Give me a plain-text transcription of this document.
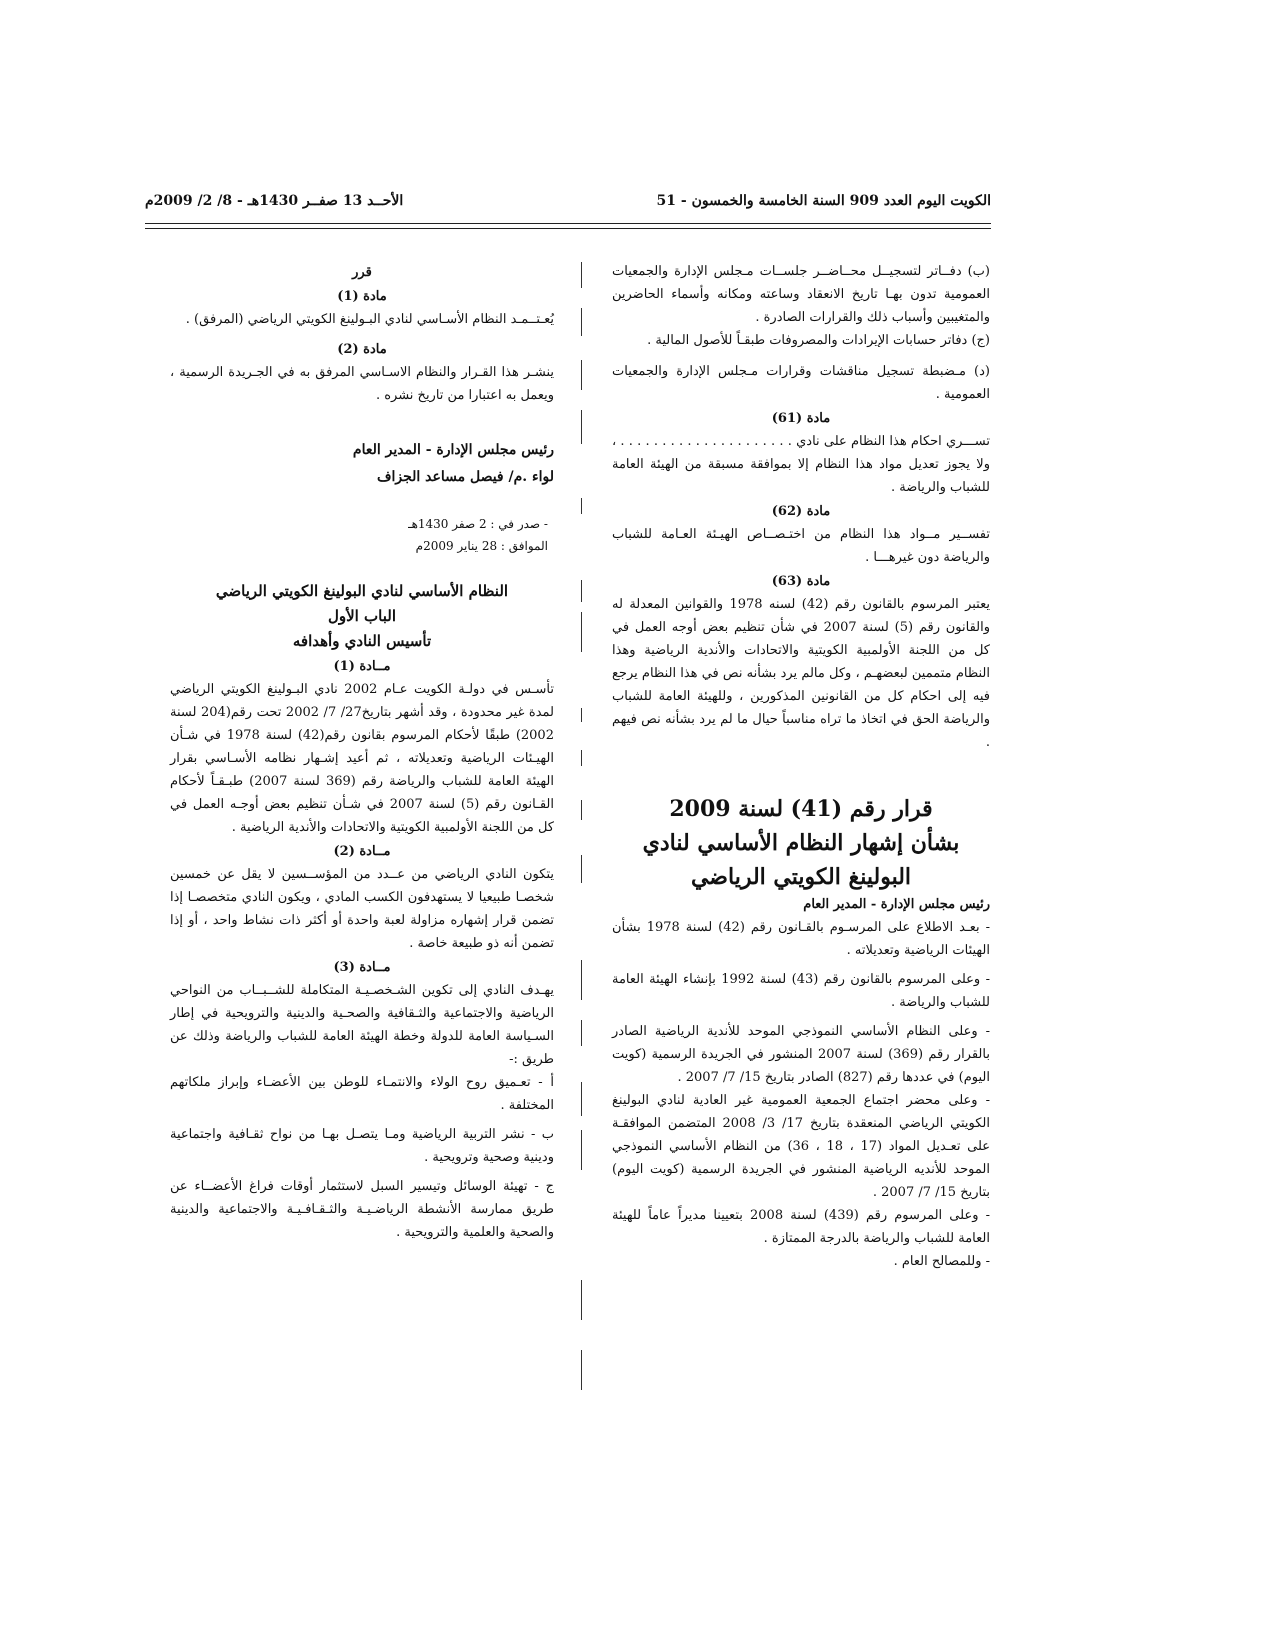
الكويت اليوم العدد 909 السنة الخامسة والخمسون - 51
الأحــد 13 صفــر 1430هـ - 8/ 2/ 2009م

(ب) دفــاتر لتسجيــل محــاضــر جلســات مـجلس الإدارة والجمعيات العمومية تدون بهـا تاريخ الانعقاد وساعته ومكانه وأسماء الحاضرين والمتغيبين وأسباب ذلك والقرارات الصادرة .

(ج) دفاتر حسابات الإيرادات والمصروفات طبقـاً للأصول المالية .

(د) مـضبطة تسجيل مناقشات وقرارات مـجلس الإدارة والجمعيات العمومية .

مادة (61)

تســـري احكام هذا النظام على نادي . . . . . . . . . . . . . . . . . . . . . ، ولا يجوز تعديل مواد هذا النظام إلا بموافقة مسبقة من الهيئة العامة للشباب والرياضة .

مادة (62)

تفســير مــواد هذا النظام من اختـصــاص الهيـئة العـامة للشباب والرياضة دون غيرهـــا .

مادة (63)

يعتبر المرسوم بالقانون رقم (42) لسنه 1978 والقوانين المعدلة له والقانون رقم (5) لسنة 2007 في شأن تنظيم بعض أوجه العمل في كل من اللجنة الأولمبية الكويتية والاتحادات والأندية الرياضية وهذا النظام متممين لبعضهـم ، وكل مالم يرد بشأنه نص في هذا النظام يرجع فيه إلى احكام كل من القانونين المذكورين ، وللهيئة العامة للشباب والرياضة الحق في اتخاذ ما تراه مناسباً حيال ما لم يرد بشأنه نص فيهم .

قرار رقم (41) لسنة 2009

بشأن إشهار النظام الأساسي لنادي

البولينغ الكويتي الرياضي

رئيس مجلس الإدارة - المدير العام

- بعـد الاطلاع على المرسـوم بالقـانون رقم (42) لسنة 1978 بشأن الهيئات الرياضية وتعديلاته .

- وعلى المرسوم بالقانون رقم (43) لسنة 1992 بإنشاء الهيئة العامة للشباب والرياضة .

- وعلى النظام الأساسي النموذجي الموحد للأندية الرياضية الصادر بالقرار رقم (369) لسنة 2007 المنشور في الجريدة الرسمية (كويت اليوم) في عددها رقم (827) الصادر بتاريخ 15/ 7/ 2007 .

- وعلى محضر اجتماع الجمعية العمومية غير العادية لنادي البولينغ الكويتي الرياضي المنعقدة بتاريخ 17/ 3/ 2008 المتضمن الموافقـة على تعـديل المواد (17 ، 18 ، 36) من النظام الأساسي النموذجي الموحد للأنديه الرياضية المنشور في الجريدة الرسمية (كويت اليوم) بتاريخ 15/ 7/ 2007 .

- وعلى المرسوم رقم (439) لسنة 2008 بتعيينا مديراً عاماً للهيئة العامة للشباب والرياضة بالدرجة الممتازة .

- وللمصالح العام .

قرر

مادة (1)

يُعـتــمـد النظام الأسـاسي لنادي البـولينغ الكويتي الرياضي (المرفق) .

مادة (2)

ينشـر هذا القـرار والنظام الاسـاسي المرفق به في الجـريدة الرسمية ، ويعمل به اعتبارا من تاريخ نشره .

رئيس مجلس الإدارة - المدير العام

لواء .م/ فيصل مساعد الجزاف

- صدر في : 2 صفر 1430هـ

الموافق : 28 يناير 2009م

النظام الأساسي لنادي البولينغ الكويتي الرياضي

الباب الأول

تأسيس النادي وأهدافه

مــادة (1)

تأسـس في دولـة الكويت عـام 2002 نادي البـولينغ الكويتي الرياضي لمدة غير محدودة ، وقد أشهر بتاريخ27/ 7/ 2002 تحت رقم(204 لسنة 2002) طبقًا لأحكام المرسوم بقانون رقم(42) لسنة 1978 في شـأن الهيـئات الرياضية وتعديلاته ، ثم أعيد إشـهار نظامه الأسـاسي بقرار الهيئة العامة للشباب والرياضة رقم (369 لسنة 2007) طبـقـاً لأحكام القـانون رقم (5) لسنة 2007 في شـأن تنظيم بعض أوجـه العمل في كل من اللجنة الأولمبية الكويتية والاتحادات والأندية الرياضية .

مــادة (2)

يتكون النادي الرياضي من عــدد من المؤســسين لا يقل عن خمسين شخصـا طبيعيا لا يستهدفون الكسب المادي ، ويكون النادي متخصصـا إذا تضمن قرار إشهاره مزاولة لعبة واحدة أو أكثر ذات نشاط واحد ، أو إذا تضمن أنه ذو طبيعة خاصة .

مــادة (3)

يهـدف النادي إلى تكوين الشـخصـيـة المتكاملة للشــبــاب من النواحي الرياضية والاجتماعية والثـقافية والصحـية والدينية والترويحية في إطار السـياسة العامة للدولة وخطة الهيئة العامة للشباب والرياضة وذلك عن طريق :-

أ - تعـميق روح الولاء والانتمـاء للوطن بين الأعضـاء وإبراز ملكاتهم المختلفة .

ب - نشر التربية الرياضية ومـا يتصـل بهـا من نواح ثقـافية واجتماعية ودينية وصحية وترويحية .

ج - تهيئة الوسائل وتيسير السبل لاستثمار أوقات فراغ الأعضــاء عن طريق ممارسة الأنشطة الرياضـيـة والثـقـافـيـة والاجتماعية والدينية والصحية والعلمية والترويحية .
